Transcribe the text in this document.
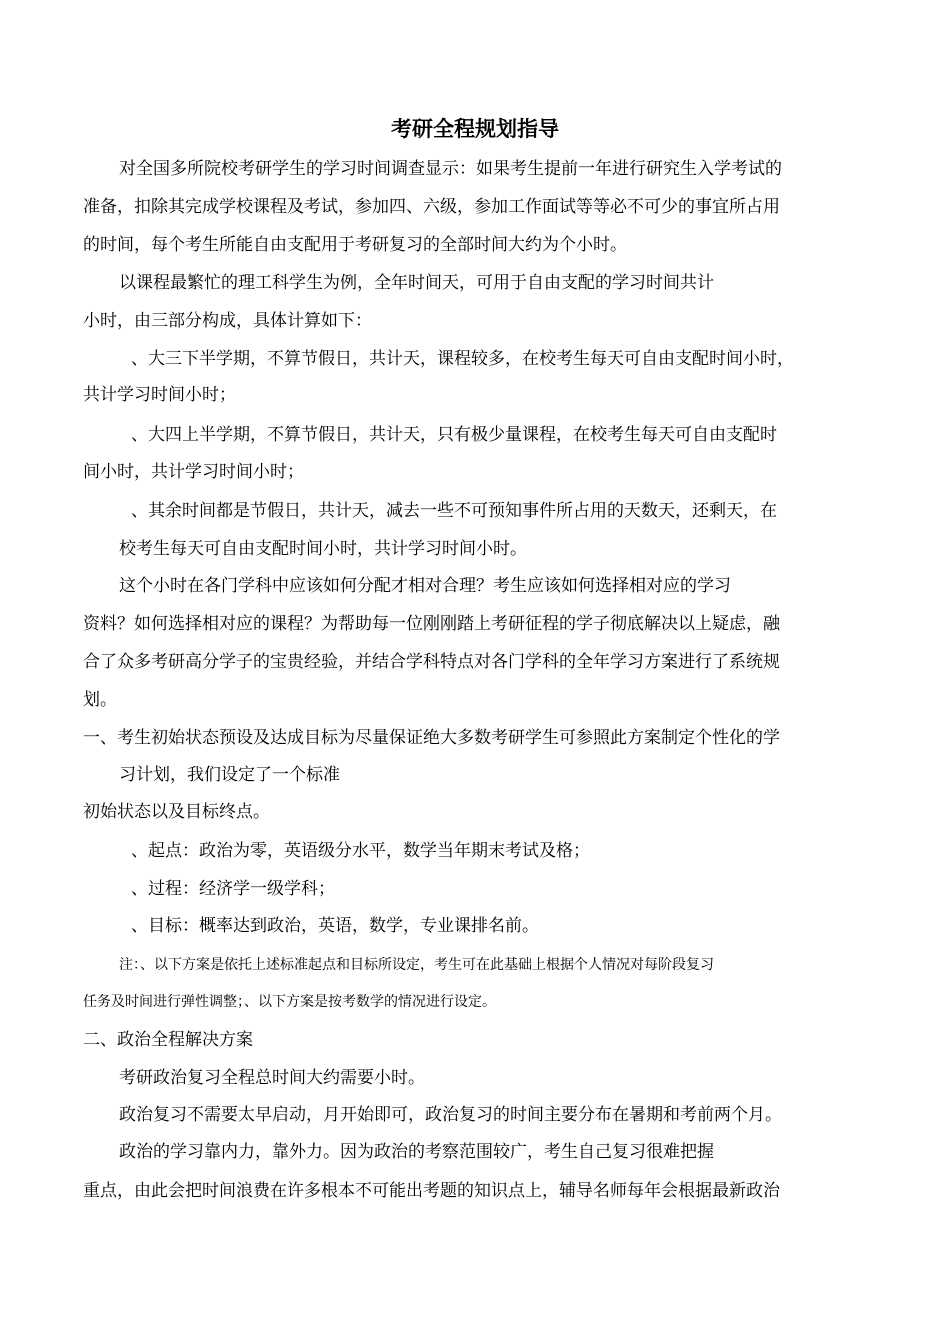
考研全程规划指导
对全国多所院校考研学生的学习时间调查显示：如果考生提前一年进行研究生入学考试的
准备，扣除其完成学校课程及考试，参加四、六级，参加工作面试等等必不可少的事宜所占用
的时间，每个考生所能自由支配用于考研复习的全部时间大约为个小时。
以课程最繁忙的理工科学生为例，全年时间天，可用于自由支配的学习时间共计
小时，由三部分构成，具体计算如下：
、大三下半学期，不算节假日，共计天，课程较多，在校考生每天可自由支配时间小时，
共计学习时间小时；
、大四上半学期，不算节假日，共计天，只有极少量课程，在校考生每天可自由支配时
间小时，共计学习时间小时；
、其余时间都是节假日，共计天，减去一些不可预知事件所占用的天数天，还剩天，在
校考生每天可自由支配时间小时，共计学习时间小时。
这个小时在各门学科中应该如何分配才相对合理？考生应该如何选择相对应的学习
资料？如何选择相对应的课程？为帮助每一位刚刚踏上考研征程的学子彻底解决以上疑虑，融
合了众多考研高分学子的宝贵经验，并结合学科特点对各门学科的全年学习方案进行了系统规
划。
一、考生初始状态预设及达成目标为尽量保证绝大多数考研学生可参照此方案制定个性化的学
习计划，我们设定了一个标准
初始状态以及目标终点。
、起点：政治为零，英语级分水平，数学当年期末考试及格；
、过程：经济学一级学科；
、目标：概率达到政治，英语，数学，专业课排名前。
注：、以下方案是依托上述标准起点和目标所设定，考生可在此基础上根据个人情况对每阶段复习
任务及时间进行弹性调整；、以下方案是按考数学的情况进行设定。
二、政治全程解决方案
考研政治复习全程总时间大约需要小时。
政治复习不需要太早启动，月开始即可，政治复习的时间主要分布在暑期和考前两个月。
政治的学习靠内力，靠外力。因为政治的考察范围较广，考生自己复习很难把握
重点，由此会把时间浪费在许多根本不可能出考题的知识点上，辅导名师每年会根据最新政治
